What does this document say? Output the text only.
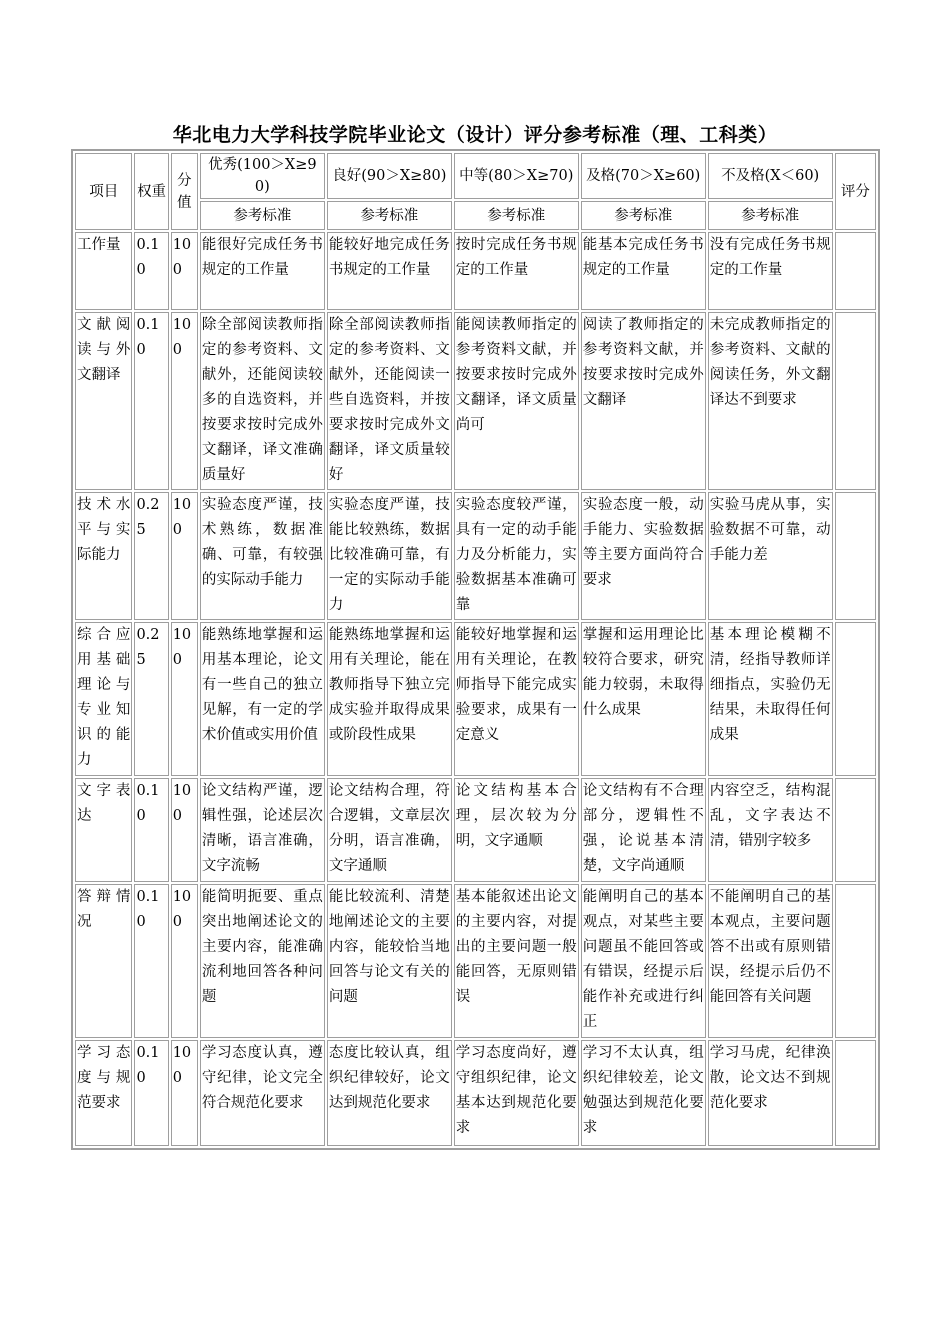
华北电力大学科技学院毕业论文（设计）评分参考标准（理、工科类）
项目	权重	分值	优秀(100＞X≥90)	良好(90＞X≥80)	中等(80＞X≥70)	及格(70＞X≥60)	不及格(X＜60)	评分
			参考标准	参考标准	参考标准	参考标准	参考标准	
工作量	0.10	100	能很好完成任务书规定的工作量	能较好地完成任务书规定的工作量	按时完成任务书规定的工作量	能基本完成任务书规定的工作量	没有完成任务书规定的工作量	
文献阅读与外文翻译	0.10	100	除全部阅读教师指定的参考资料、文献外，还能阅读较多的自选资料，并按要求按时完成外文翻译，译文准确质量好	除全部阅读教师指定的参考资料、文献外，还能阅读一些自选资料，并按要求按时完成外文翻译，译文质量较好	能阅读教师指定的参考资料文献，并按要求按时完成外文翻译，译文质量尚可	阅读了教师指定的参考资料文献，并按要求按时完成外文翻译	未完成教师指定的参考资料、文献的阅读任务，外文翻译达不到要求	
技术水平与实际能力	0.25	100	实验态度严谨，技术熟练，数据准确、可靠，有较强的实际动手能力	实验态度严谨，技能比较熟练，数据比较准确可靠，有一定的实际动手能力	实验态度较严谨，具有一定的动手能力及分析能力，实验数据基本准确可靠	实验态度一般，动手能力、实验数据等主要方面尚符合要求	实验马虎从事，实验数据不可靠，动手能力差	
综合应用基础理论与专业知识的能力	0.25	100	能熟练地掌握和运用基本理论，论文有一些自己的独立见解，有一定的学术价值或实用价值	能熟练地掌握和运用有关理论，能在教师指导下独立完成实验并取得成果或阶段性成果	能较好地掌握和运用有关理论，在教师指导下能完成实验要求，成果有一定意义	掌握和运用理论比较符合要求，研究能力较弱，未取得什么成果	基本理论模糊不清，经指导教师详细指点，实验仍无结果，未取得任何成果	
文字表达	0.10	100	论文结构严谨，逻辑性强，论述层次清晰，语言准确，文字流畅	论文结构合理，符合逻辑，文章层次分明，语言准确，文字通顺	论文结构基本合理，层次较为分明，文字通顺	论文结构有不合理部分，逻辑性不强，论说基本清楚，文字尚通顺	内容空乏，结构混乱，文字表达不清，错别字较多	
答辩情况	0.10	100	能简明扼要、重点突出地阐述论文的主要内容，能准确流利地回答各种问题	能比较流利、清楚地阐述论文的主要内容，能较恰当地回答与论文有关的问题	基本能叙述出论文的主要内容，对提出的主要问题一般能回答，无原则错误	能阐明自己的基本观点，对某些主要问题虽不能回答或有错误，经提示后能作补充或进行纠正	不能阐明自己的基本观点，主要问题答不出或有原则错误，经提示后仍不能回答有关问题	
学习态度与规范要求	0.10	100	学习态度认真，遵守纪律，论文完全符合规范化要求	态度比较认真，组织纪律较好，论文达到规范化要求	学习态度尚好，遵守组织纪律，论文基本达到规范化要求	学习不太认真，组织纪律较差，论文勉强达到规范化要求	学习马虎，纪律涣散，论文达不到规范化要求	
